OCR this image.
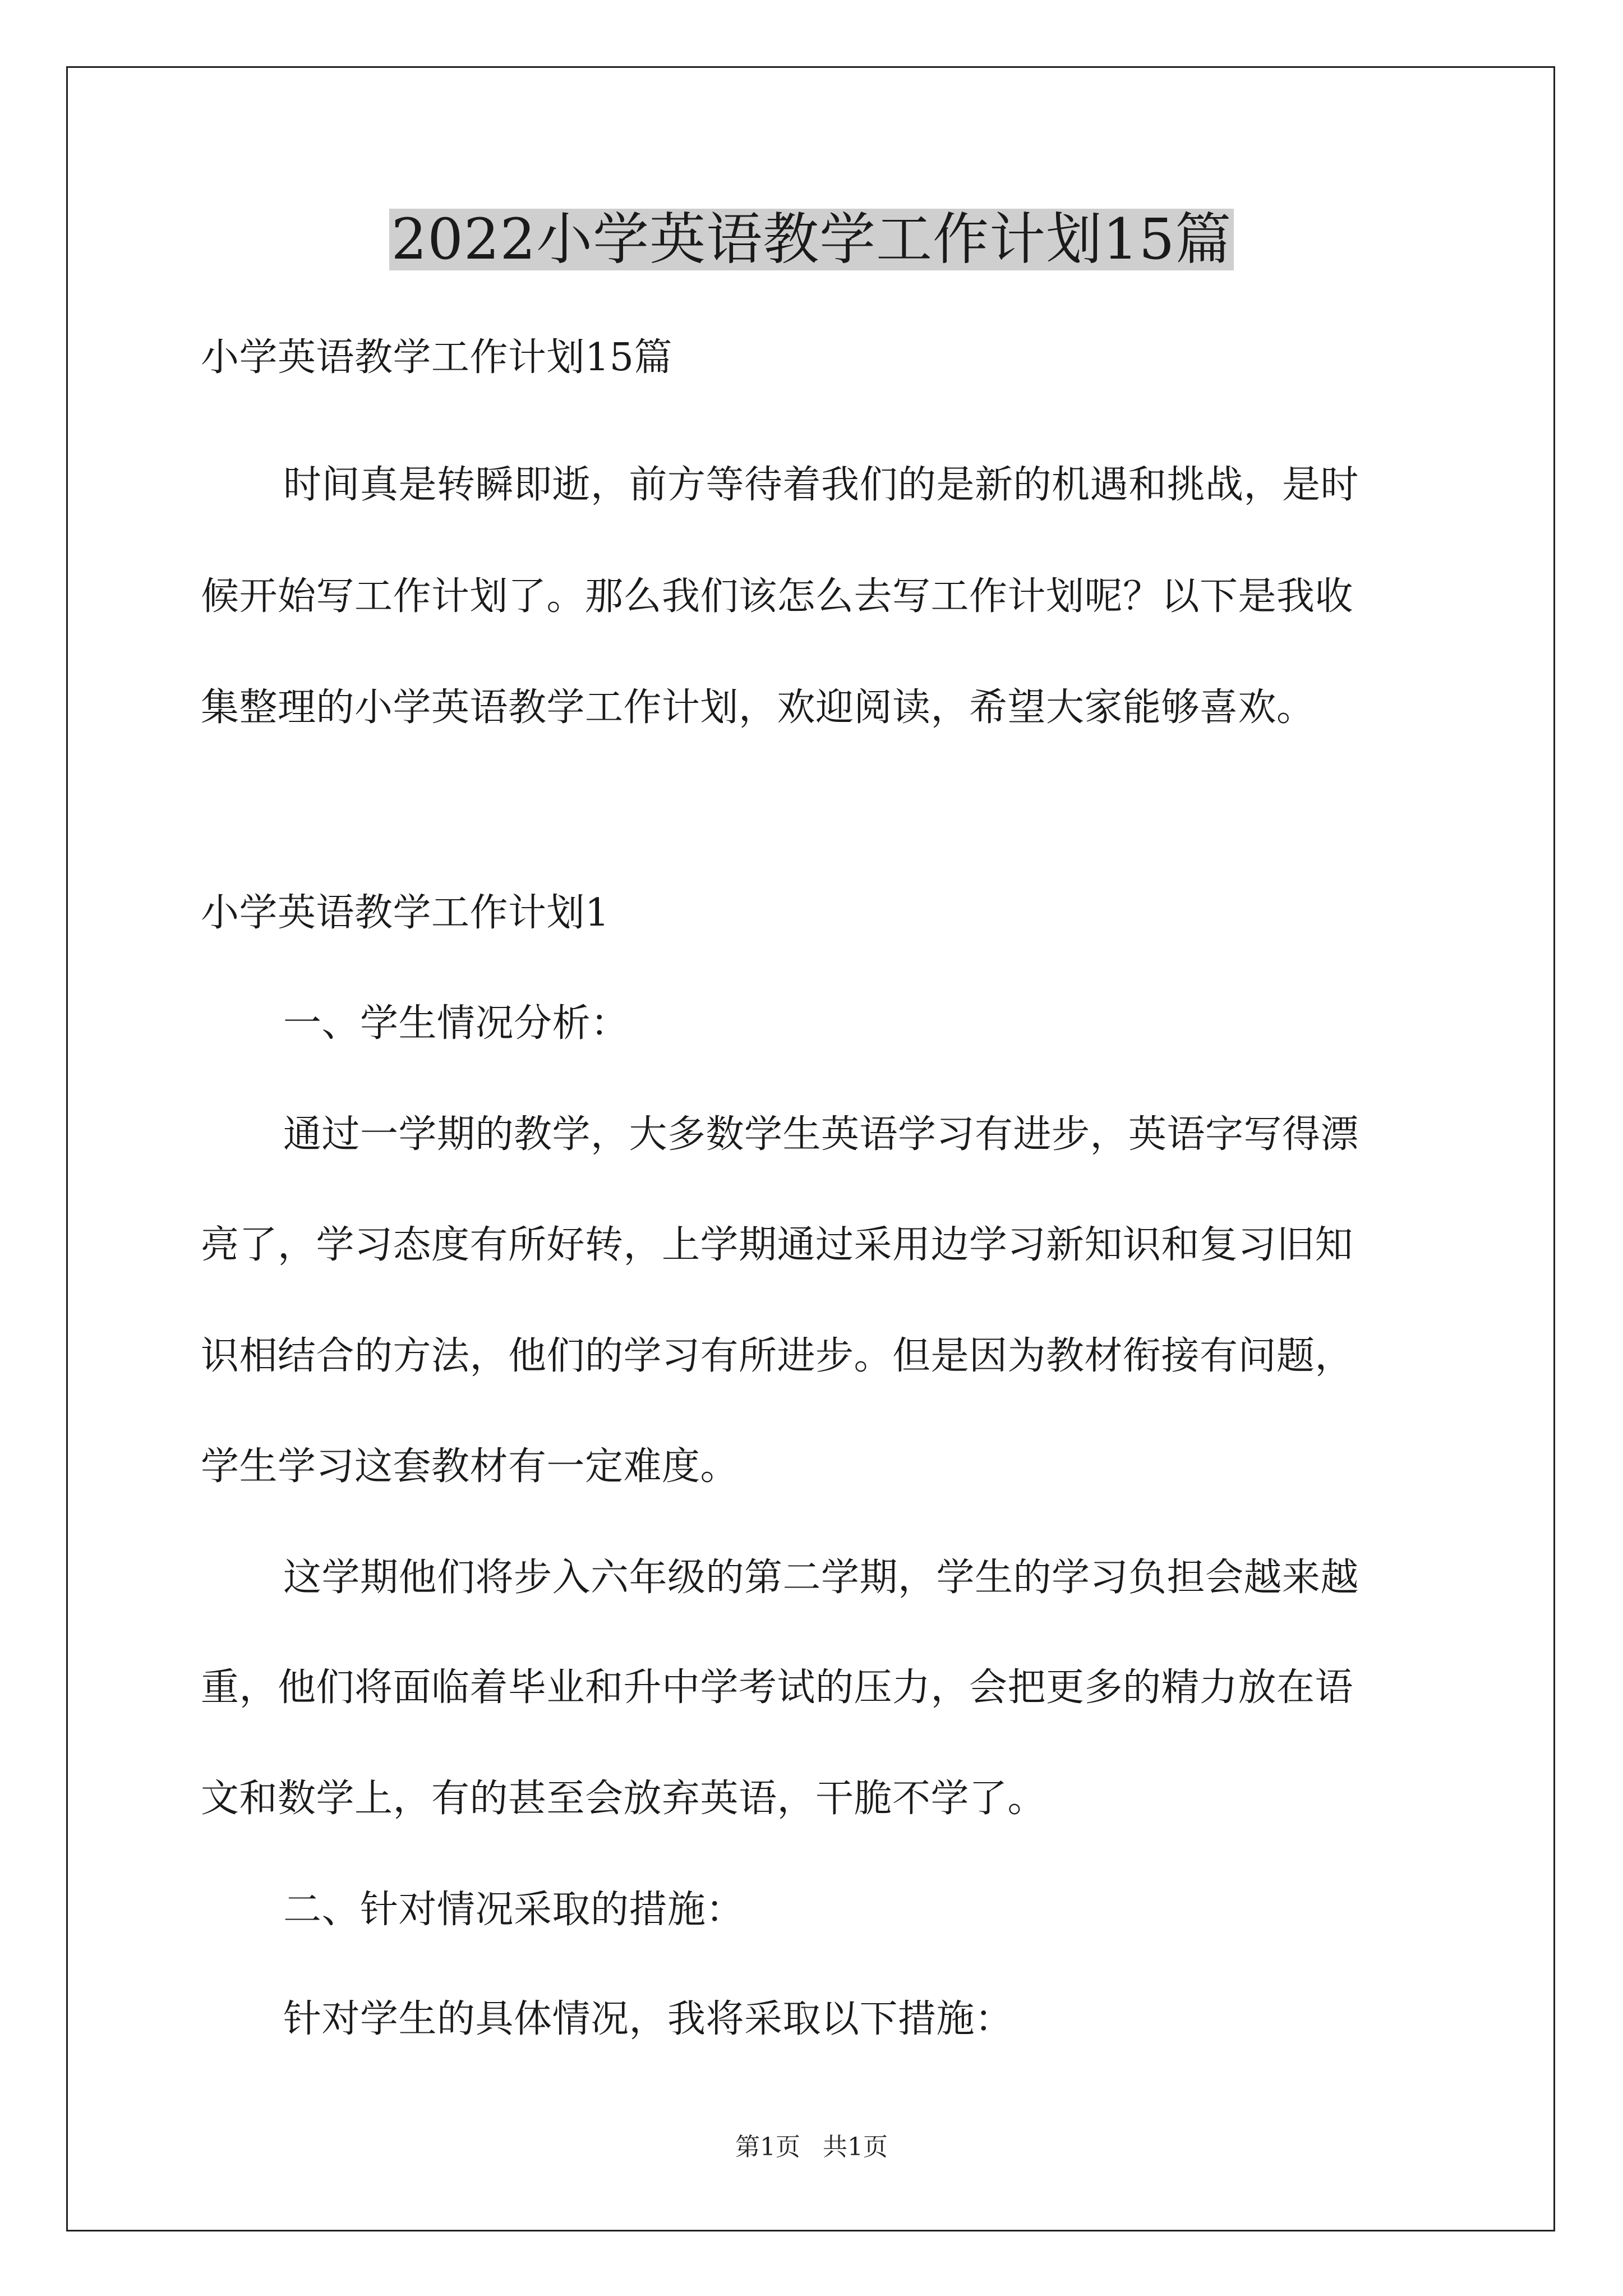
2022小学英语教学工作计划15篇
小学英语教学工作计划15篇
时间真是转瞬即逝，前方等待着我们的是新的机遇和挑战，是时
候开始写工作计划了。那么我们该怎么去写工作计划呢？以下是我收
集整理的小学英语教学工作计划，欢迎阅读，希望大家能够喜欢。
小学英语教学工作计划1
一、学生情况分析：
通过一学期的教学，大多数学生英语学习有进步，英语字写得漂
亮了，学习态度有所好转，上学期通过采用边学习新知识和复习旧知
识相结合的方法，他们的学习有所进步。但是因为教材衔接有问题，
学生学习这套教材有一定难度。
这学期他们将步入六年级的第二学期，学生的学习负担会越来越
重，他们将面临着毕业和升中学考试的压力，会把更多的精力放在语
文和数学上，有的甚至会放弃英语，干脆不学了。
二、针对情况采取的措施：
针对学生的具体情况，我将采取以下措施：
第1页 共1页
